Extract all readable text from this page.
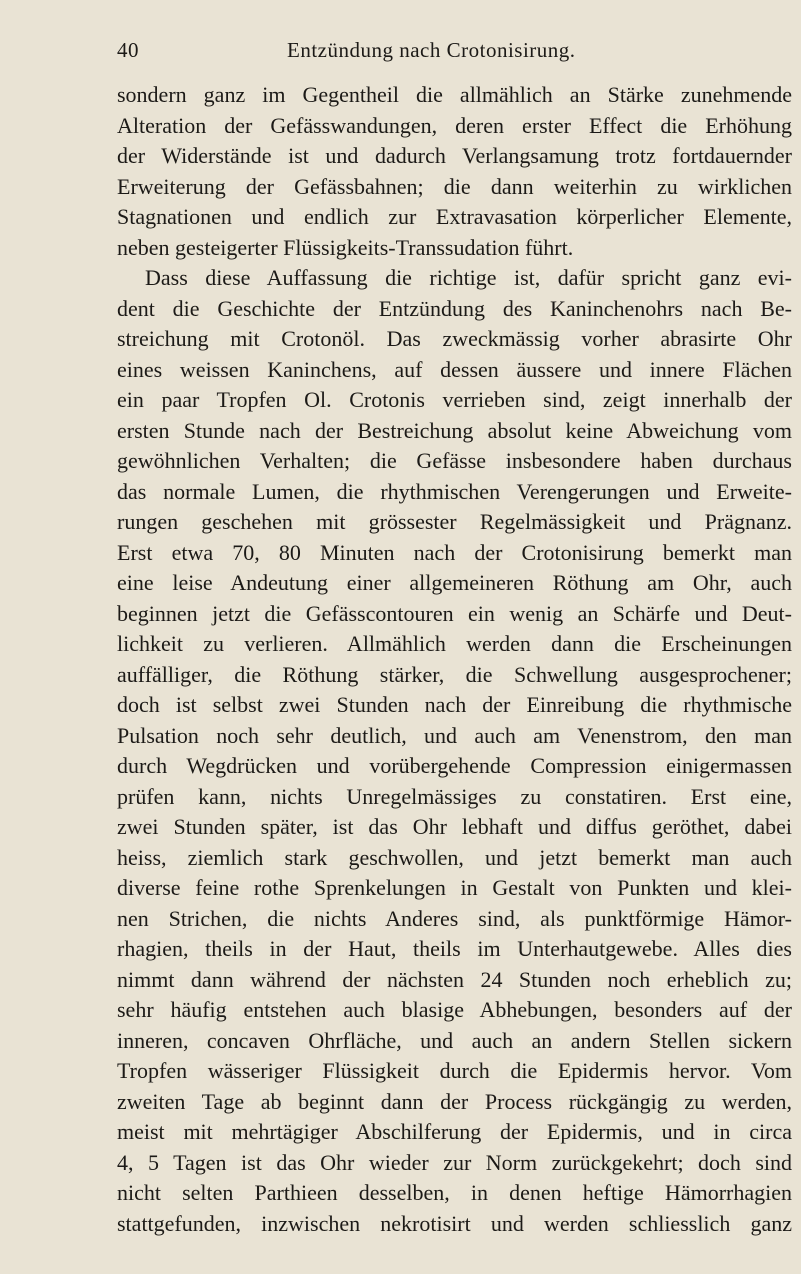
40	Entzündung nach Crotonisirung.
sondern ganz im Gegentheil die allmählich an Stärke zunehmende
Alteration der Gefässwandungen, deren erster Effect die Erhöhung
der Widerstände ist und dadurch Verlangsamung trotz fortdauernder
Erweiterung der Gefässbahnen; die dann weiterhin zu wirklichen
Stagnationen und endlich zur Extravasation körperlicher Elemente,
neben gesteigerter Flüssigkeits-Transsudation führt.
Dass diese Auffassung die richtige ist, dafür spricht ganz evi-
dent die Geschichte der Entzündung des Kaninchenohrs nach Be-
streichung mit Crotonöl. Das zweckmässig vorher abrasirte Ohr
eines weissen Kaninchens, auf dessen äussere und innere Flächen
ein paar Tropfen Ol. Crotonis verrieben sind, zeigt innerhalb der
ersten Stunde nach der Bestreichung absolut keine Abweichung vom
gewöhnlichen Verhalten; die Gefässe insbesondere haben durchaus
das normale Lumen, die rhythmischen Verengerungen und Erweite-
rungen geschehen mit grössester Regelmässigkeit und Prägnanz.
Erst etwa 70, 80 Minuten nach der Crotonisirung bemerkt man
eine leise Andeutung einer allgemeineren Röthung am Ohr, auch
beginnen jetzt die Gefässcontouren ein wenig an Schärfe und Deut-
lichkeit zu verlieren. Allmählich werden dann die Erscheinungen
auffälliger, die Röthung stärker, die Schwellung ausgesprochener;
doch ist selbst zwei Stunden nach der Einreibung die rhythmische
Pulsation noch sehr deutlich, und auch am Venenstrom, den man
durch Wegdrücken und vorübergehende Compression einigermassen
prüfen kann, nichts Unregelmässiges zu constatiren. Erst eine,
zwei Stunden später, ist das Ohr lebhaft und diffus geröthet, dabei
heiss, ziemlich stark geschwollen, und jetzt bemerkt man auch
diverse feine rothe Sprenkelungen in Gestalt von Punkten und klei-
nen Strichen, die nichts Anderes sind, als punktförmige Hämor-
rhagien, theils in der Haut, theils im Unterhautgewebe. Alles dies
nimmt dann während der nächsten 24 Stunden noch erheblich zu;
sehr häufig entstehen auch blasige Abhebungen, besonders auf der
inneren, concaven Ohrfläche, und auch an andern Stellen sickern
Tropfen wässeriger Flüssigkeit durch die Epidermis hervor. Vom
zweiten Tage ab beginnt dann der Process rückgängig zu werden,
meist mit mehrtägiger Abschilferung der Epidermis, und in circa
4, 5 Tagen ist das Ohr wieder zur Norm zurückgekehrt; doch sind
nicht selten Parthieen desselben, in denen heftige Hämorrhagien
stattgefunden, inzwischen nekrotisirt und werden schliesslich ganz
